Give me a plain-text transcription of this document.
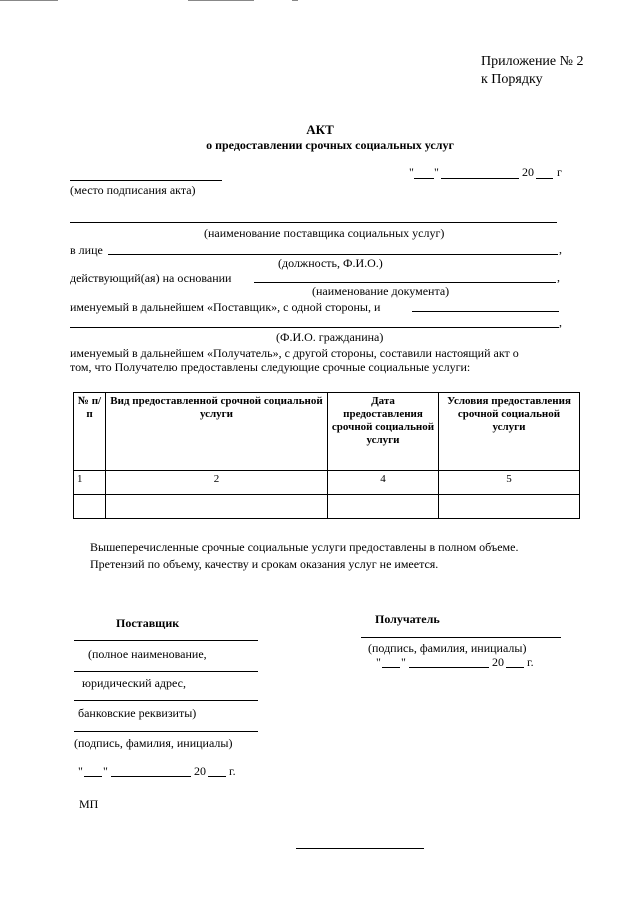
Приложение № 2
к Порядку
АКТ
о предоставлении срочных социальных услуг
" "	20 г
(место подписания акта)
(наименование поставщика социальных услуг)
в лице	,
(должность, Ф.И.О.)
действующий(ая) на основании	,
(наименование документа)
именуемый в дальнейшем «Поставщик», с одной стороны, и
,
(Ф.И.О. гражданина)
именуемый в дальнейшем «Получатель», с другой стороны, составили настоящий акт о
том, что Получателю предоставлены следующие срочные социальные услуги:
№ п/п	Вид предоставленной срочной социальной услуги	Дата предоставления срочной социальной услуги	Условия предоставления срочной социальной услуги
1	2	4	5

Вышеперечисленные срочные социальные услуги предоставлены в полном объеме.
Претензий по объему, качеству и срокам оказания услуг не имеется.
Поставщик
(полное наименование,
юридический адрес,
банковские реквизиты)
(подпись, фамилия, инициалы)
" "	20 г.
МП
Получатель
(подпись, фамилия, инициалы)
" "	20 г.
